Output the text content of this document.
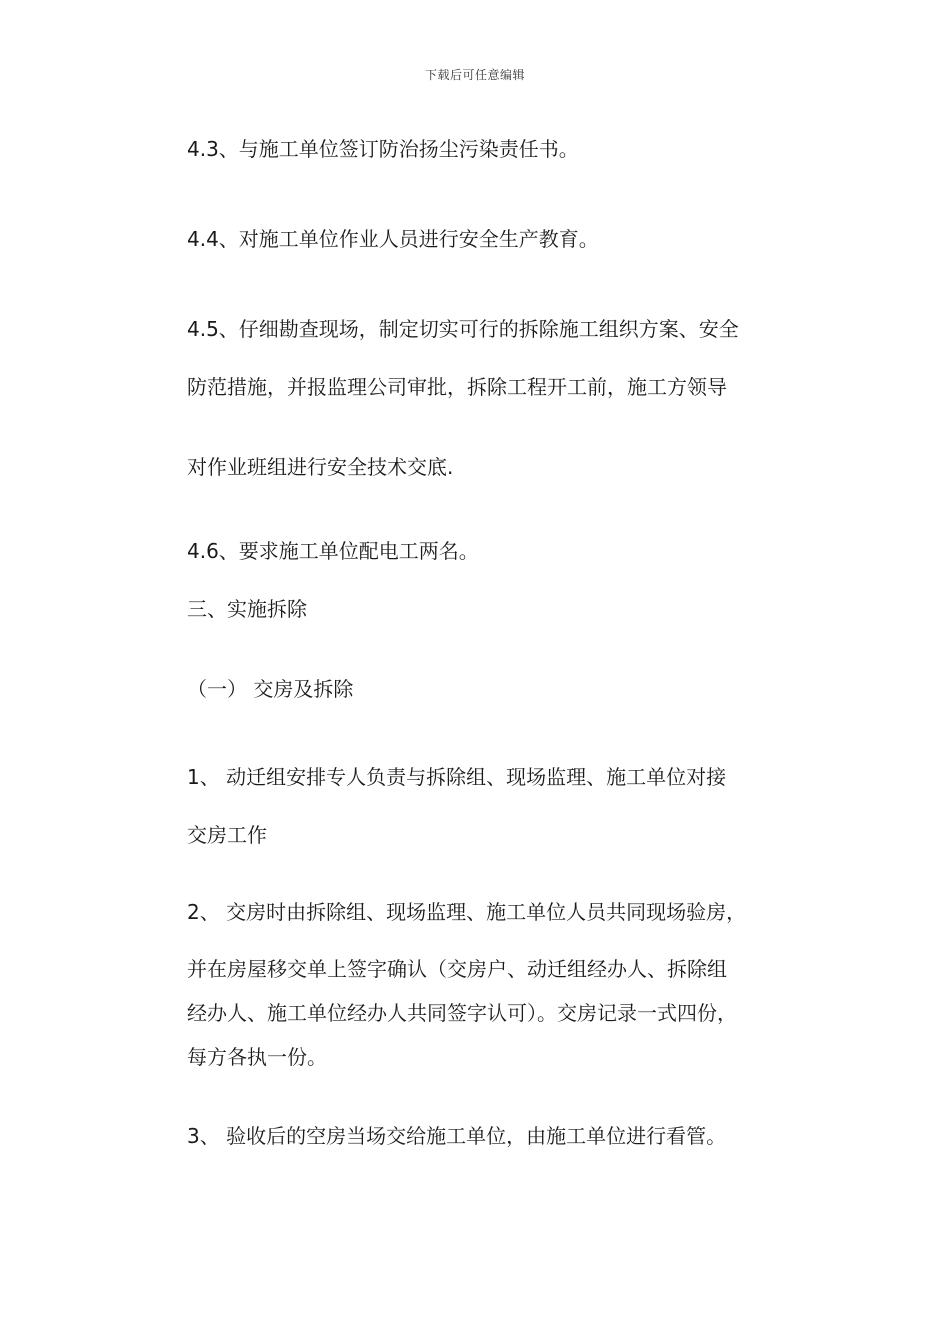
下载后可任意编辑
4.3、与施工单位签订防治扬尘污染责任书。
4.4、对施工单位作业人员进行安全生产教育。
4.5、仔细勘查现场，制定切实可行的拆除施工组织方案、安全
防范措施，并报监理公司审批，拆除工程开工前，施工方领导
对作业班组进行安全技术交底.
4.6、要求施工单位配电工两名。
三、实施拆除
（一） 交房及拆除
1、 动迁组安排专人负责与拆除组、现场监理、施工单位对接
交房工作
2、 交房时由拆除组、现场监理、施工单位人员共同现场验房，
并在房屋移交单上签字确认（交房户、动迁组经办人、拆除组
经办人、施工单位经办人共同签字认可）。交房记录一式四份，
每方各执一份。
3、 验收后的空房当场交给施工单位，由施工单位进行看管。
